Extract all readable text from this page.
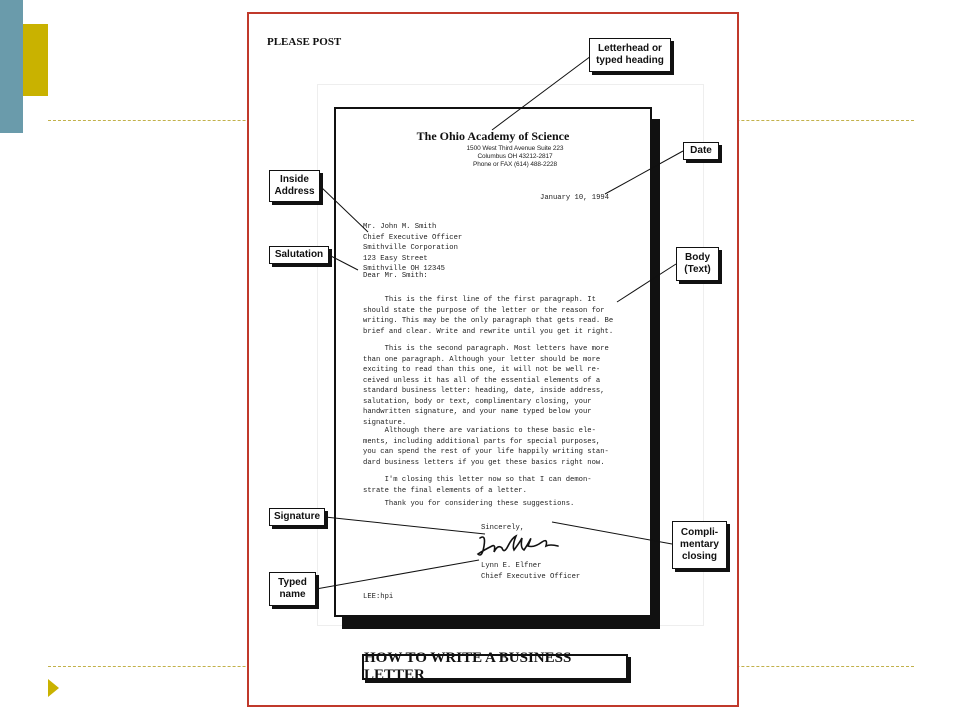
PLEASE POST
The Ohio Academy of Science
1500 West Third Avenue Suite 223
Columbus OH 43212-2817
Phone or FAX (614) 488-2228
January 10, 1994
Mr. John M. Smith
Chief Executive Officer
Smithville Corporation
123 Easy Street
Smithville OH 12345
Dear Mr. Smith:
This is the first line of the first paragraph. It
should state the purpose of the letter or the reason for
writing. This may be the only paragraph that gets read. Be
brief and clear. Write and rewrite until you get it right.
This is the second paragraph. Most letters have more
than one paragraph. Although your letter should be more
exciting to read than this one, it will not be well re-
ceived unless it has all of the essential elements of a
standard business letter: heading, date, inside address,
salutation, body or text, complimentary closing, your
handwritten signature, and your name typed below your
signature.
Although there are variations to these basic ele-
ments, including additional parts for special purposes,
you can spend the rest of your life happily writing stan-
dard business letters if you get these basics right now.
I'm closing this letter now so that I can demon-
strate the final elements of a letter.
Thank you for considering these suggestions.
Sincerely,
Lynn E. Elfner
Chief Executive Officer
LEE:hpi
Letterhead or typed heading
Inside Address
Salutation
Date
Body (Text)
Signature
Compli-mentary closing
Typed name
HOW TO WRITE A BUSINESS LETTER
